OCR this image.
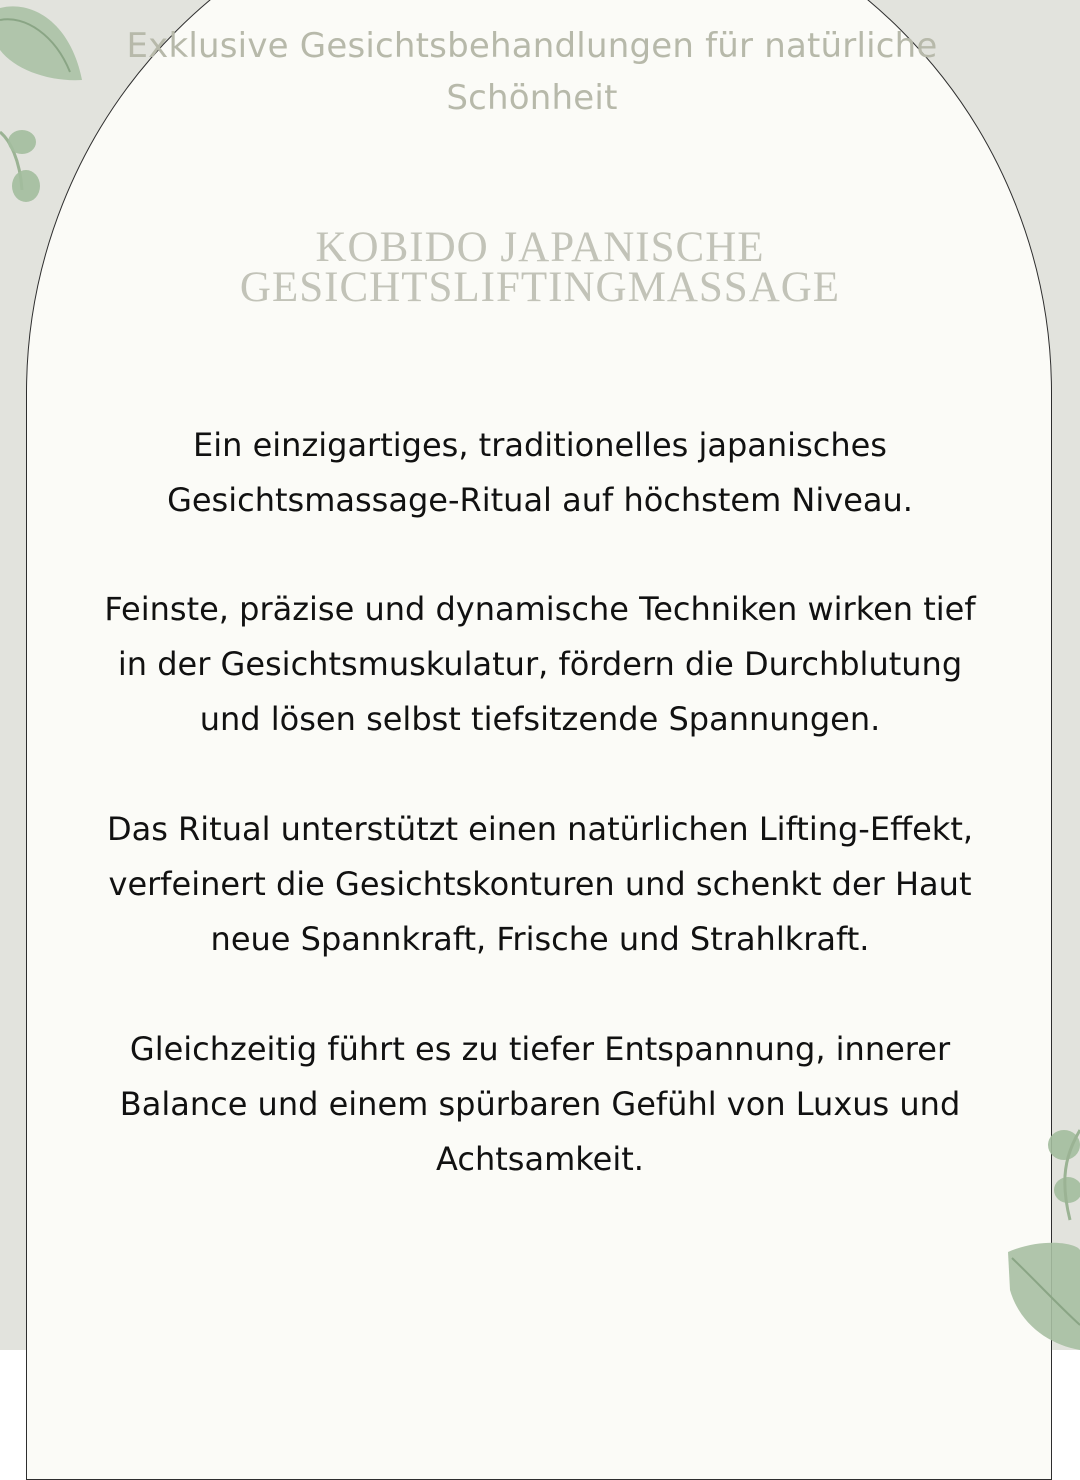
Exklusive Gesichtsbehandlungen für natürliche
Schönheit
KOBIDO JAPANISCHE
GESICHTSLIFTINGMASSAGE
Ein einzigartiges, traditionelles japanisches
Gesichtsmassage-Ritual auf höchstem Niveau.
Feinste, präzise und dynamische Techniken wirken tief
in der Gesichtsmuskulatur, fördern die Durchblutung
und lösen selbst tiefsitzende Spannungen.
Das Ritual unterstützt einen natürlichen Lifting-Effekt,
verfeinert die Gesichtskonturen und schenkt der Haut
neue Spannkraft, Frische und Strahlkraft.
Gleichzeitig führt es zu tiefer Entspannung, innerer
Balance und einem spürbaren Gefühl von Luxus und
Achtsamkeit.
